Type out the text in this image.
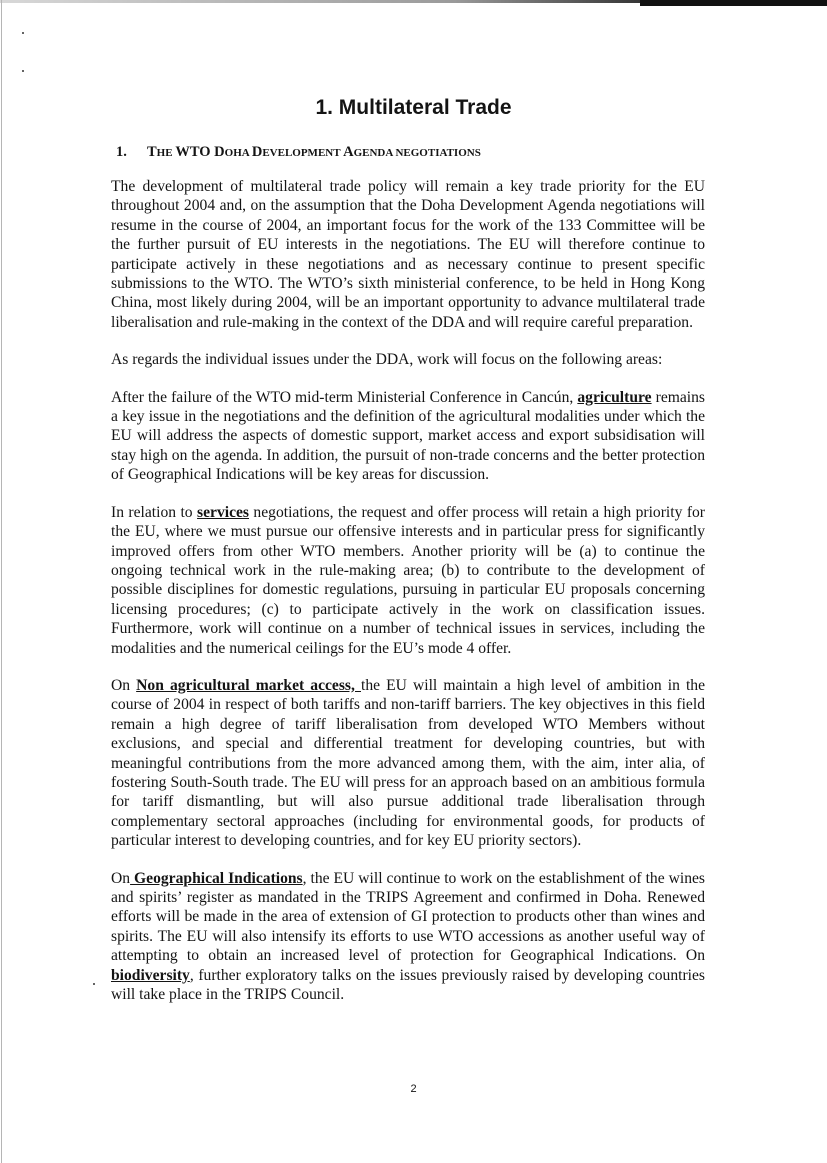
1. Multilateral Trade
1. THE WTO DOHA DEVELOPMENT AGENDA NEGOTIATIONS

The development of multilateral trade policy will remain a key trade priority for the EU throughout 2004 and, on the assumption that the Doha Development Agenda negotiations will resume in the course of 2004, an important focus for the work of the 133 Committee will be the further pursuit of EU interests in the negotiations. The EU will therefore continue to participate actively in these negotiations and as necessary continue to present specific submissions to the WTO. The WTO’s sixth ministerial conference, to be held in Hong Kong China, most likely during 2004, will be an important opportunity to advance multilateral trade liberalisation and rule-making in the context of the DDA and will require careful preparation.

As regards the individual issues under the DDA, work will focus on the following areas:

After the failure of the WTO mid-term Ministerial Conference in Cancún, agriculture remains a key issue in the negotiations and the definition of the agricultural modalities under which the EU will address the aspects of domestic support, market access and export subsidisation will stay high on the agenda. In addition, the pursuit of non-trade concerns and the better protection of Geographical Indications will be key areas for discussion.

In relation to services negotiations, the request and offer process will retain a high priority for the EU, where we must pursue our offensive interests and in particular press for significantly improved offers from other WTO members. Another priority will be (a) to continue the ongoing technical work in the rule-making area; (b) to contribute to the development of possible disciplines for domestic regulations, pursuing in particular EU proposals concerning licensing procedures; (c) to participate actively in the work on classification issues. Furthermore, work will continue on a number of technical issues in services, including the modalities and the numerical ceilings for the EU’s mode 4 offer.

On Non agricultural market access, the EU will maintain a high level of ambition in the course of 2004 in respect of both tariffs and non-tariff barriers. The key objectives in this field remain a high degree of tariff liberalisation from developed WTO Members without exclusions, and special and differential treatment for developing countries, but with meaningful contributions from the more advanced among them, with the aim, inter alia, of fostering South-South trade. The EU will press for an approach based on an ambitious formula for tariff dismantling, but will also pursue additional trade liberalisation through complementary sectoral approaches (including for environmental goods, for products of particular interest to developing countries, and for key EU priority sectors).

On Geographical Indications, the EU will continue to work on the establishment of the wines and spirits’ register as mandated in the TRIPS Agreement and confirmed in Doha. Renewed efforts will be made in the area of extension of GI protection to products other than wines and spirits. The EU will also intensify its efforts to use WTO accessions as another useful way of attempting to obtain an increased level of protection for Geographical Indications. On biodiversity, further exploratory talks on the issues previously raised by developing countries will take place in the TRIPS Council.

2
